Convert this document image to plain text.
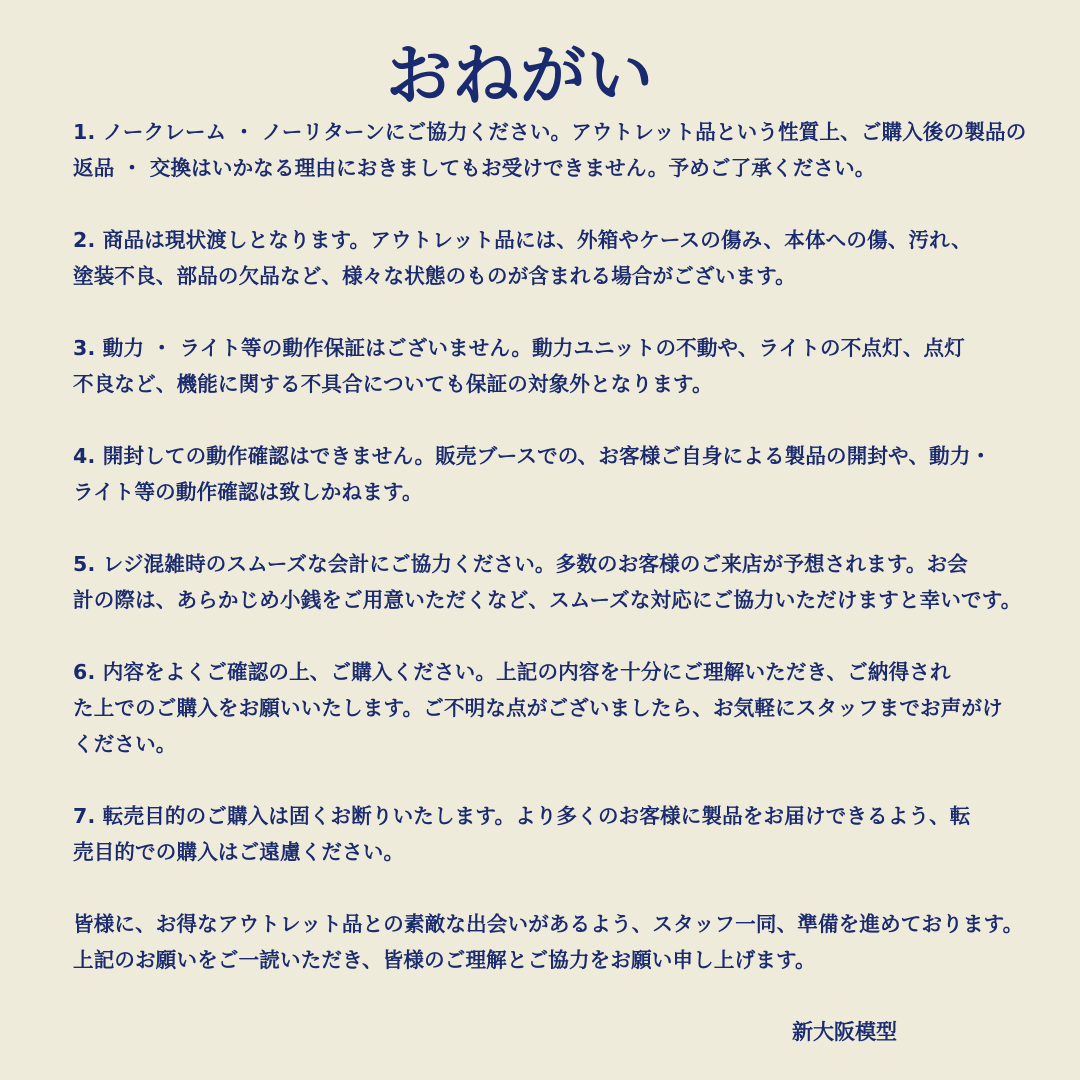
おねがい
1. ノークレーム ・ ノーリターンにご協力ください。アウトレット品という性質上、ご購入後の製品の
返品 ・ 交換はいかなる理由におきましてもお受けできません。予めご了承ください。
2. 商品は現状渡しとなります。アウトレット品には、外箱やケースの傷み、本体への傷、汚れ、
塗装不良、部品の欠品など、様々な状態のものが含まれる場合がございます。
3. 動力 ・ ライト等の動作保証はございません。動力ユニットの不動や、ライトの不点灯、点灯
不良など、機能に関する不具合についても保証の対象外となります。
4. 開封しての動作確認はできません。販売ブースでの、お客様ご自身による製品の開封や、動力・
ライト等の動作確認は致しかねます。
5. レジ混雑時のスムーズな会計にご協力ください。多数のお客様のご来店が予想されます。お会
計の際は、あらかじめ小銭をご用意いただくなど、スムーズな対応にご協力いただけますと幸いです。
6. 内容をよくご確認の上、ご購入ください。上記の内容を十分にご理解いただき、ご納得され
た上でのご購入をお願いいたします。ご不明な点がございましたら、お気軽にスタッフまでお声がけ
ください。
7. 転売目的のご購入は固くお断りいたします。より多くのお客様に製品をお届けできるよう、転
売目的での購入はご遠慮ください。
皆様に、お得なアウトレット品との素敵な出会いがあるよう、スタッフ一同、準備を進めております。
上記のお願いをご一読いただき、皆様のご理解とご協力をお願い申し上げます。
新大阪模型
